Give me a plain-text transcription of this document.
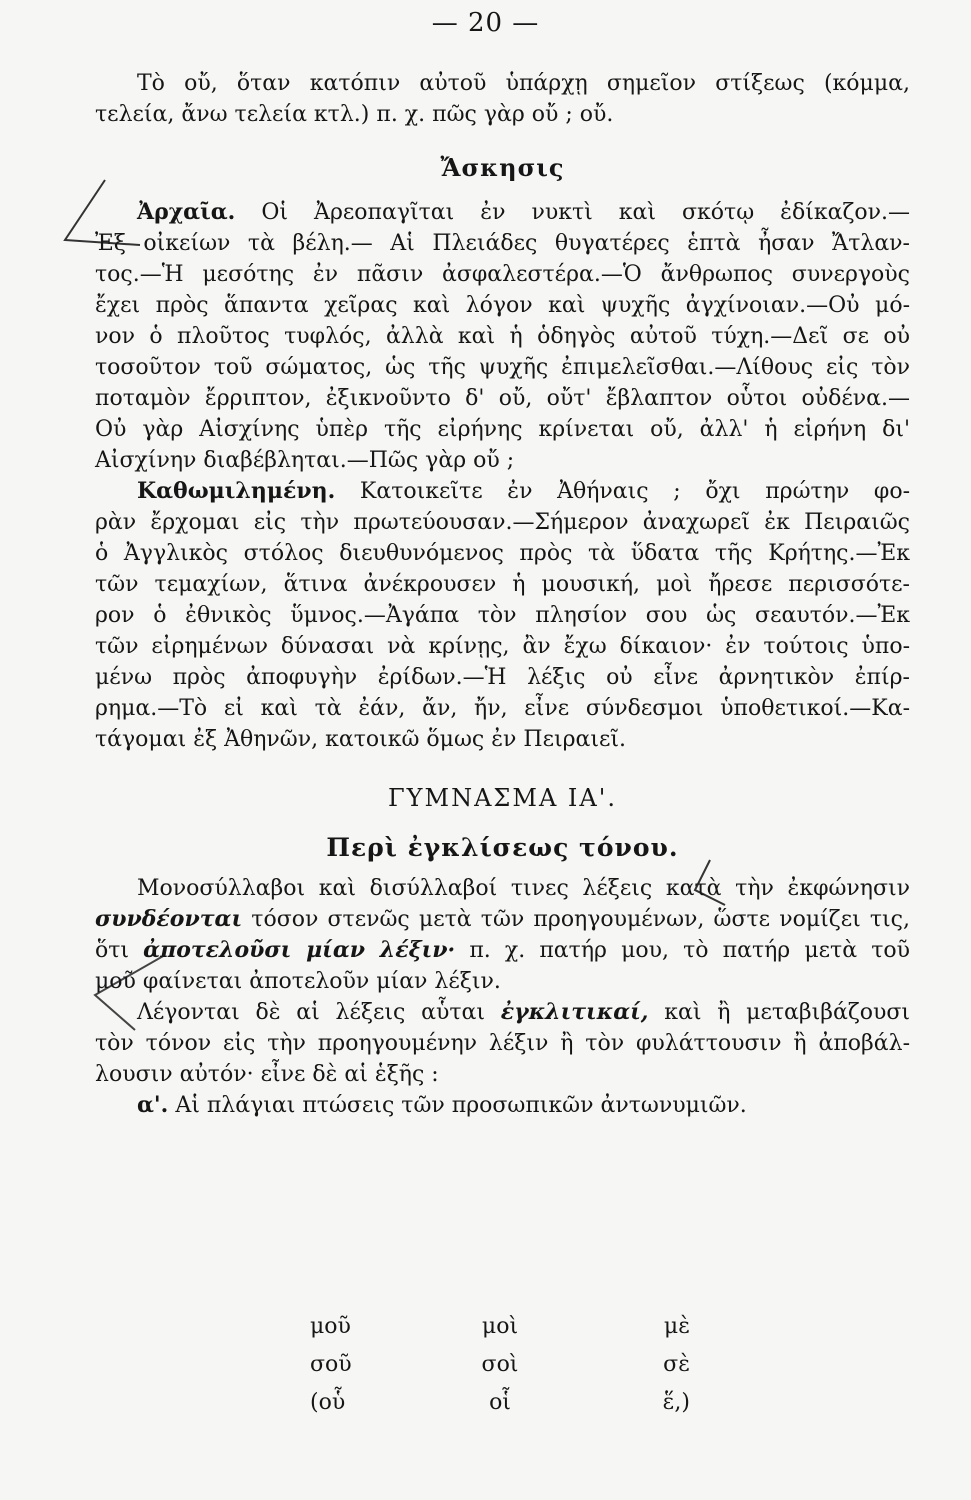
— 20 —
Τὸ οὔ, ὅταν κατόπιν αὐτοῦ ὑπάρχῃ σημεῖον στίξεως (κόμμα,
τελεία, ἄνω τελεία κτλ.) π. χ. πῶς γὰρ οὔ ; οὔ.
Ἄσκησις
Ἀρχαῖα. Οἱ Ἀρεοπαγῖται ἐν νυκτὶ καὶ σκότῳ ἐδίκαζον.—
Ἐξ οἰκείων τὰ βέλη.— Αἱ Πλειάδες θυγατέρες ἑπτὰ ἦσαν Ἄτλαν-
τος.—Ἡ μεσότης ἐν πᾶσιν ἀσφαλεστέρα.—Ὁ ἄνθρωπος συνεργοὺς
ἔχει πρὸς ἅπαντα χεῖρας καὶ λόγον καὶ ψυχῆς ἀγχίνοιαν.—Οὐ μό-
νον ὁ πλοῦτος τυφλός, ἀλλὰ καὶ ἡ ὁδηγὸς αὐτοῦ τύχη.—Δεῖ σε οὐ
τοσοῦτον τοῦ σώματος, ὡς τῆς ψυχῆς ἐπιμελεῖσθαι.—Λίθους εἰς τὸν
ποταμὸν ἔρριπτον, ἐξικνοῦντο δ' οὔ, οὔτ' ἔβλαπτον οὗτοι οὐδένα.—
Οὐ γὰρ Αἰσχίνης ὑπὲρ τῆς εἰρήνης κρίνεται οὔ, ἀλλ' ἡ εἰρήνη δι'
Αἰσχίνην διαβέβληται.—Πῶς γὰρ οὔ ;
Καθωμιλημένη. Κατοικεῖτε ἐν Ἀθήναις ; ὄχι πρώτην φο-
ρὰν ἔρχομαι εἰς τὴν πρωτεύουσαν.—Σήμερον ἀναχωρεῖ ἐκ Πειραιῶς
ὁ Ἀγγλικὸς στόλος διευθυνόμενος πρὸς τὰ ὕδατα τῆς Κρήτης.—Ἐκ
τῶν τεμαχίων, ἅτινα ἀνέκρουσεν ἡ μουσική, μοὶ ἤρεσε περισσότε-
ρον ὁ ἐθνικὸς ὕμνος.—Ἀγάπα τὸν πλησίον σου ὡς σεαυτόν.—Ἐκ
τῶν εἰρημένων δύνασαι νὰ κρίνῃς, ἂν ἔχω δίκαιον· ἐν τούτοις ὑπο-
μένω πρὸς ἀποφυγὴν ἐρίδων.—Ἡ λέξις οὐ εἶνε ἀρνητικὸν ἐπίρ-
ρημα.—Τὸ εἰ καὶ τὰ ἐάν, ἄν, ἤν, εἶνε σύνδεσμοι ὑποθετικοί.—Κα-
τάγομαι ἐξ Ἀθηνῶν, κατοικῶ ὅμως ἐν Πειραιεῖ.
ΓΥΜΝΑΣΜΑ ΙΑ'.
Περὶ ἐγκλίσεως τόνου.
Μονοσύλλαβοι καὶ δισύλλαβοί τινες λέξεις κατὰ τὴν ἐκφώνησιν
συνδέονται τόσον στενῶς μετὰ τῶν προηγουμένων, ὥστε νομίζει τις,
ὅτι ἀποτελοῦσι μίαν λέξιν· π. χ. πατήρ μου, τὸ πατήρ μετὰ τοῦ
μοῦ φαίνεται ἀποτελοῦν μίαν λέξιν.
Λέγονται δὲ αἱ λέξεις αὗται ἐγκλιτικαί, καὶ ἢ μεταβιβάζουσι
τὸν τόνον εἰς τὴν προηγουμένην λέξιν ἢ τὸν φυλάττουσιν ἢ ἀποβάλ-
λουσιν αὐτόν· εἶνε δὲ αἱ ἑξῆς :
α'. Αἱ πλάγιαι πτώσεις τῶν προσωπικῶν ἀντωνυμιῶν.
μοῦ	μοὶ	μὲ
σοῦ	σοὶ	σὲ
(οὗ	οἷ	ἕ,)
